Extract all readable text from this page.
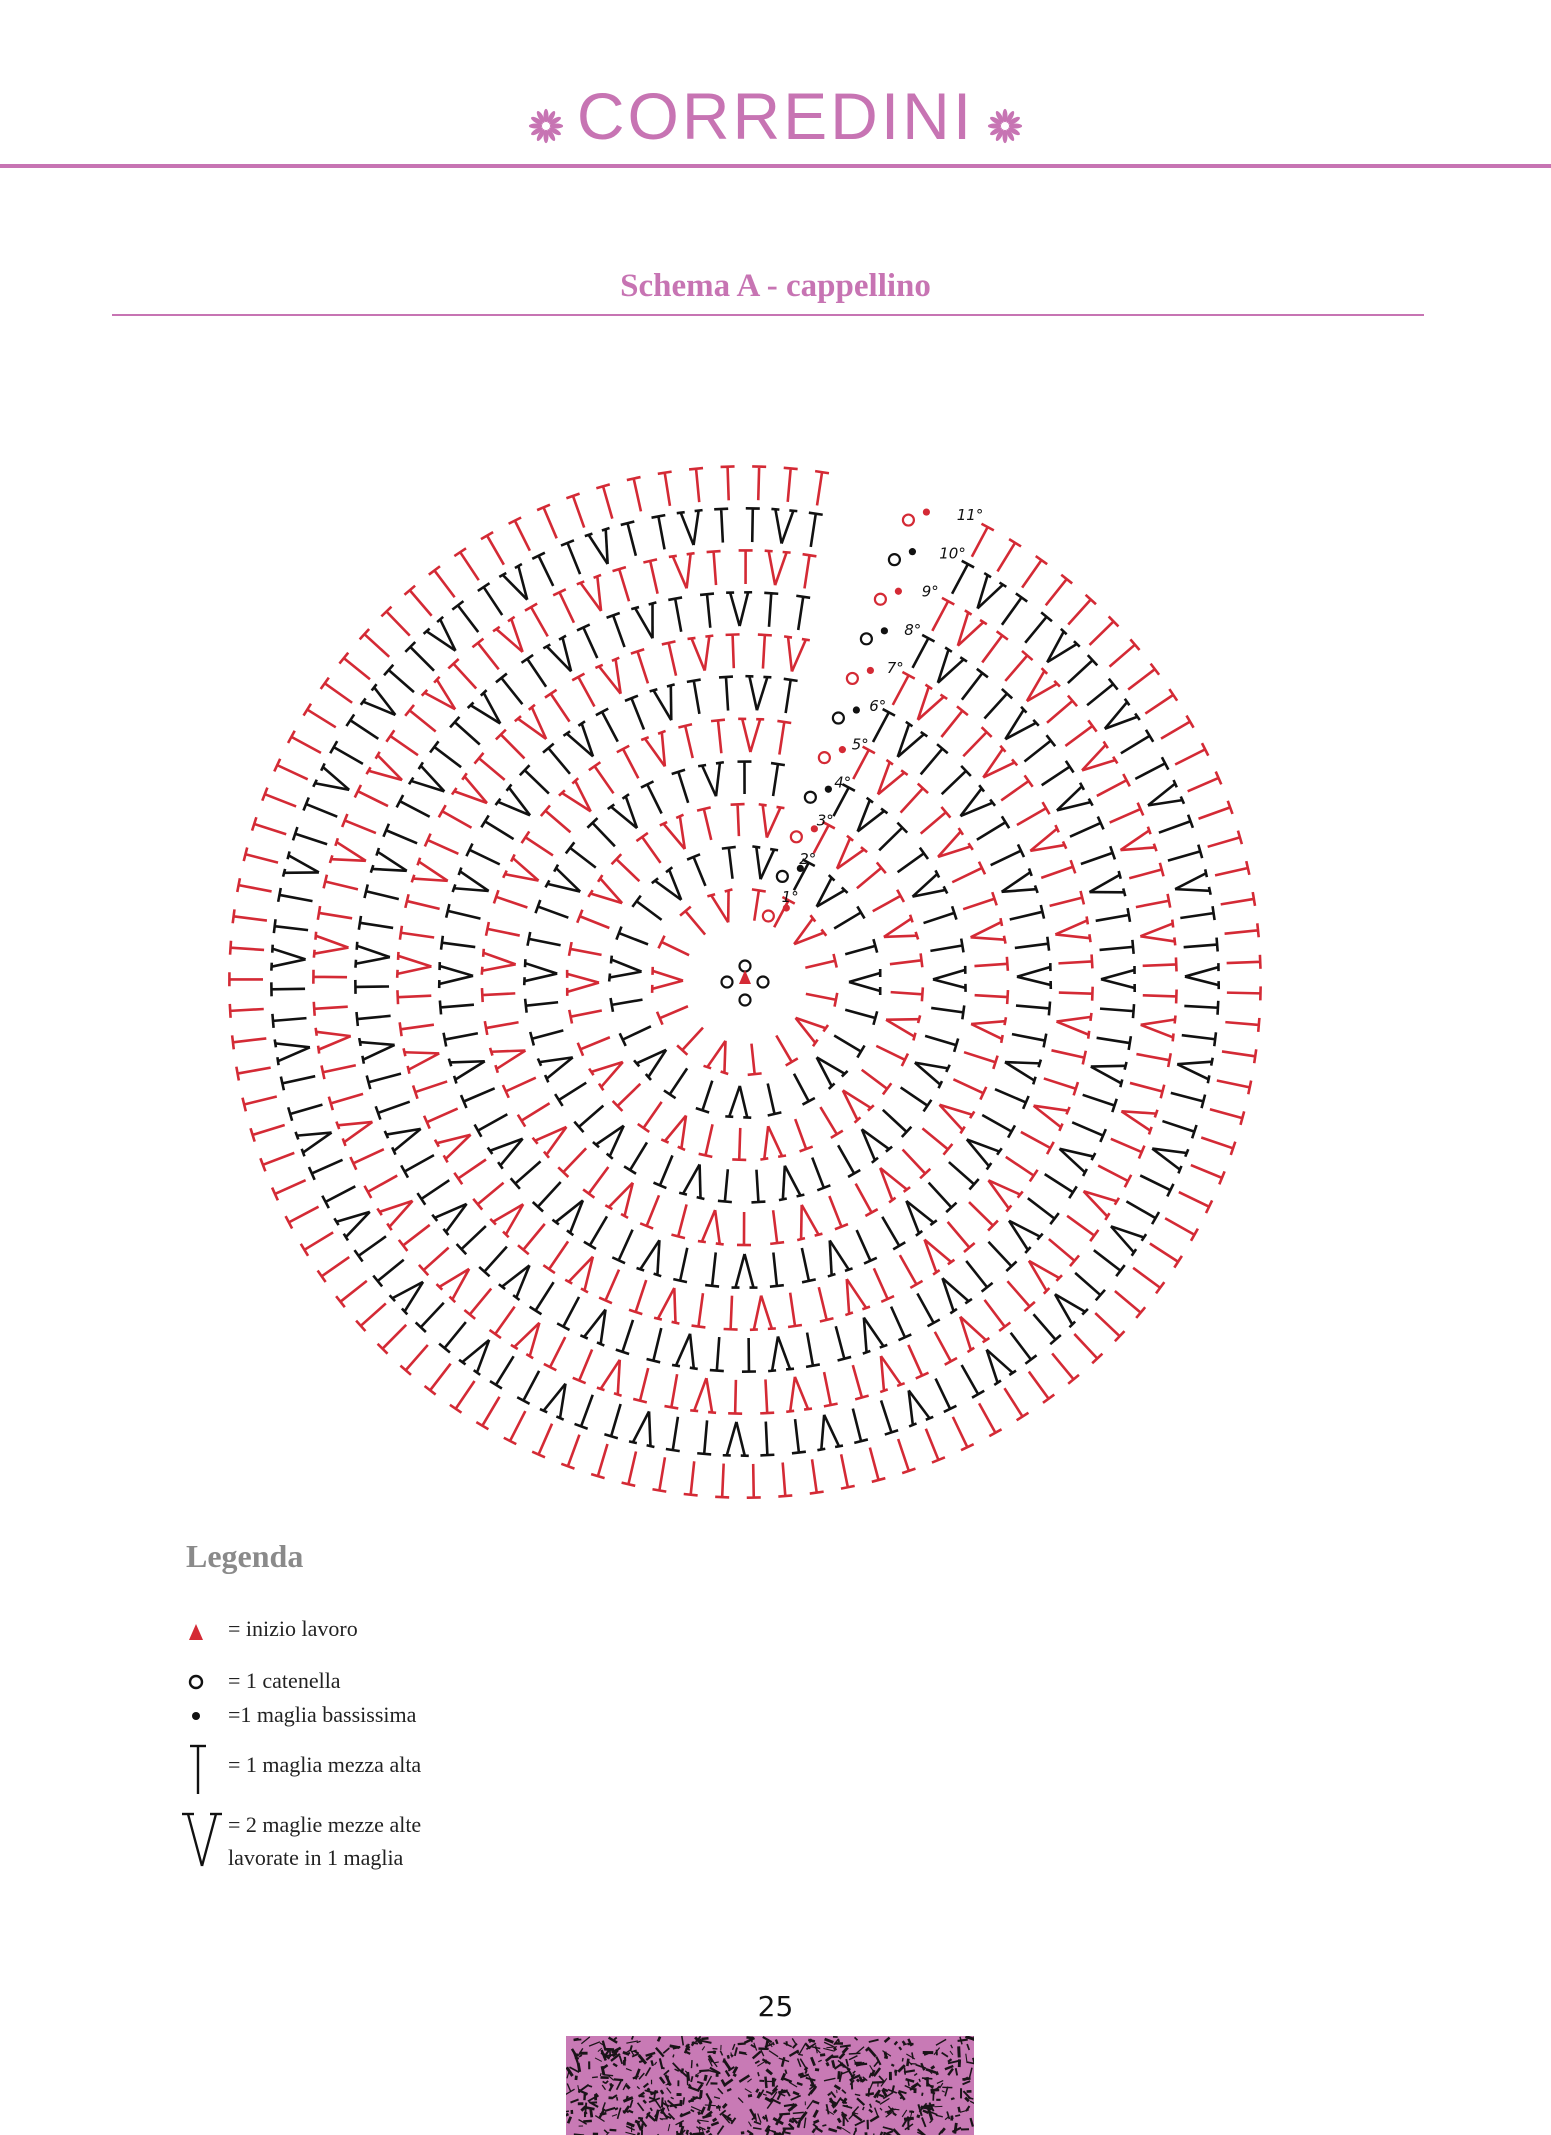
CORREDINI
Schema A - cappellino
1°
2°
3°
4°
5°
6°
7°
8°
9°
10°
11°
Legenda
= inizio lavoro
= 1 catenella
=1 maglia bassissima
= 1 maglia mezza alta
= 2 maglie mezze alte lavorate in 1 maglia
25
